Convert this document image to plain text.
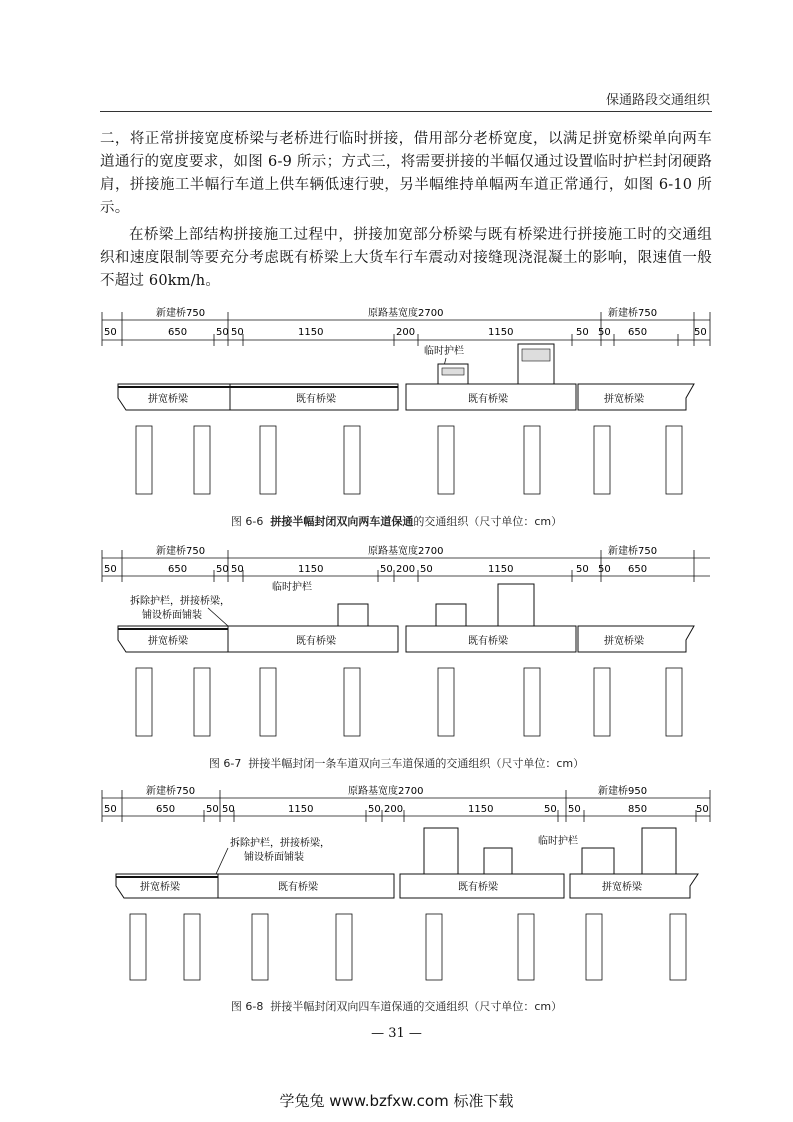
保通路段交通组织
二，将正常拼接宽度桥梁与老桥进行临时拼接，借用部分老桥宽度，以满足拼宽桥梁单向两车道通行的宽度要求，如图 6-9 所示；方式三，将需要拼接的半幅仅通过设置临时护栏封闭硬路肩，拼接施工半幅行车道上供车辆低速行驶，另半幅维持单幅两车道正常通行，如图 6-10 所示。
在桥梁上部结构拼接施工过程中，拼接加宽部分桥梁与既有桥梁进行拼接施工时的交通组织和速度限制等要充分考虑既有桥梁上大货车行车震动对接缝现浇混凝土的影响，限速值一般不超过 60km/h。
新建桥750	原路基宽度2700	新建桥750
50	650	50 50	1150	200	1150	50 50 650	50
临时护栏
拼宽桥梁	既有桥梁	既有桥梁	拼宽桥梁
图 6-6 拼接半幅封闭双向两车道保通的交通组织（尺寸单位：cm）
新建桥750	原路基宽度2700	新建桥750
50	650	50 50	1150	50 200 50	1150	50 50 650
临时护栏
拆除护栏，拼接桥梁，
铺设桥面铺装
拼宽桥梁	既有桥梁	既有桥梁	拼宽桥梁
图 6-7 拼接半幅封闭一条车道双向三车道保通的交通组织（尺寸单位：cm）
新建桥750	原路基宽度2700	新建桥950
50	650	50 50	1150	50 200	1150	50 50	850	50
临时护栏
拆除护栏，拼接桥梁，
铺设桥面铺装
拼宽桥梁	既有桥梁	既有桥梁	拼宽桥梁
图 6-8 拼接半幅封闭双向四车道保通的交通组织（尺寸单位：cm）
— 31 —
学兔兔 www.bzfxw.com 标准下载
